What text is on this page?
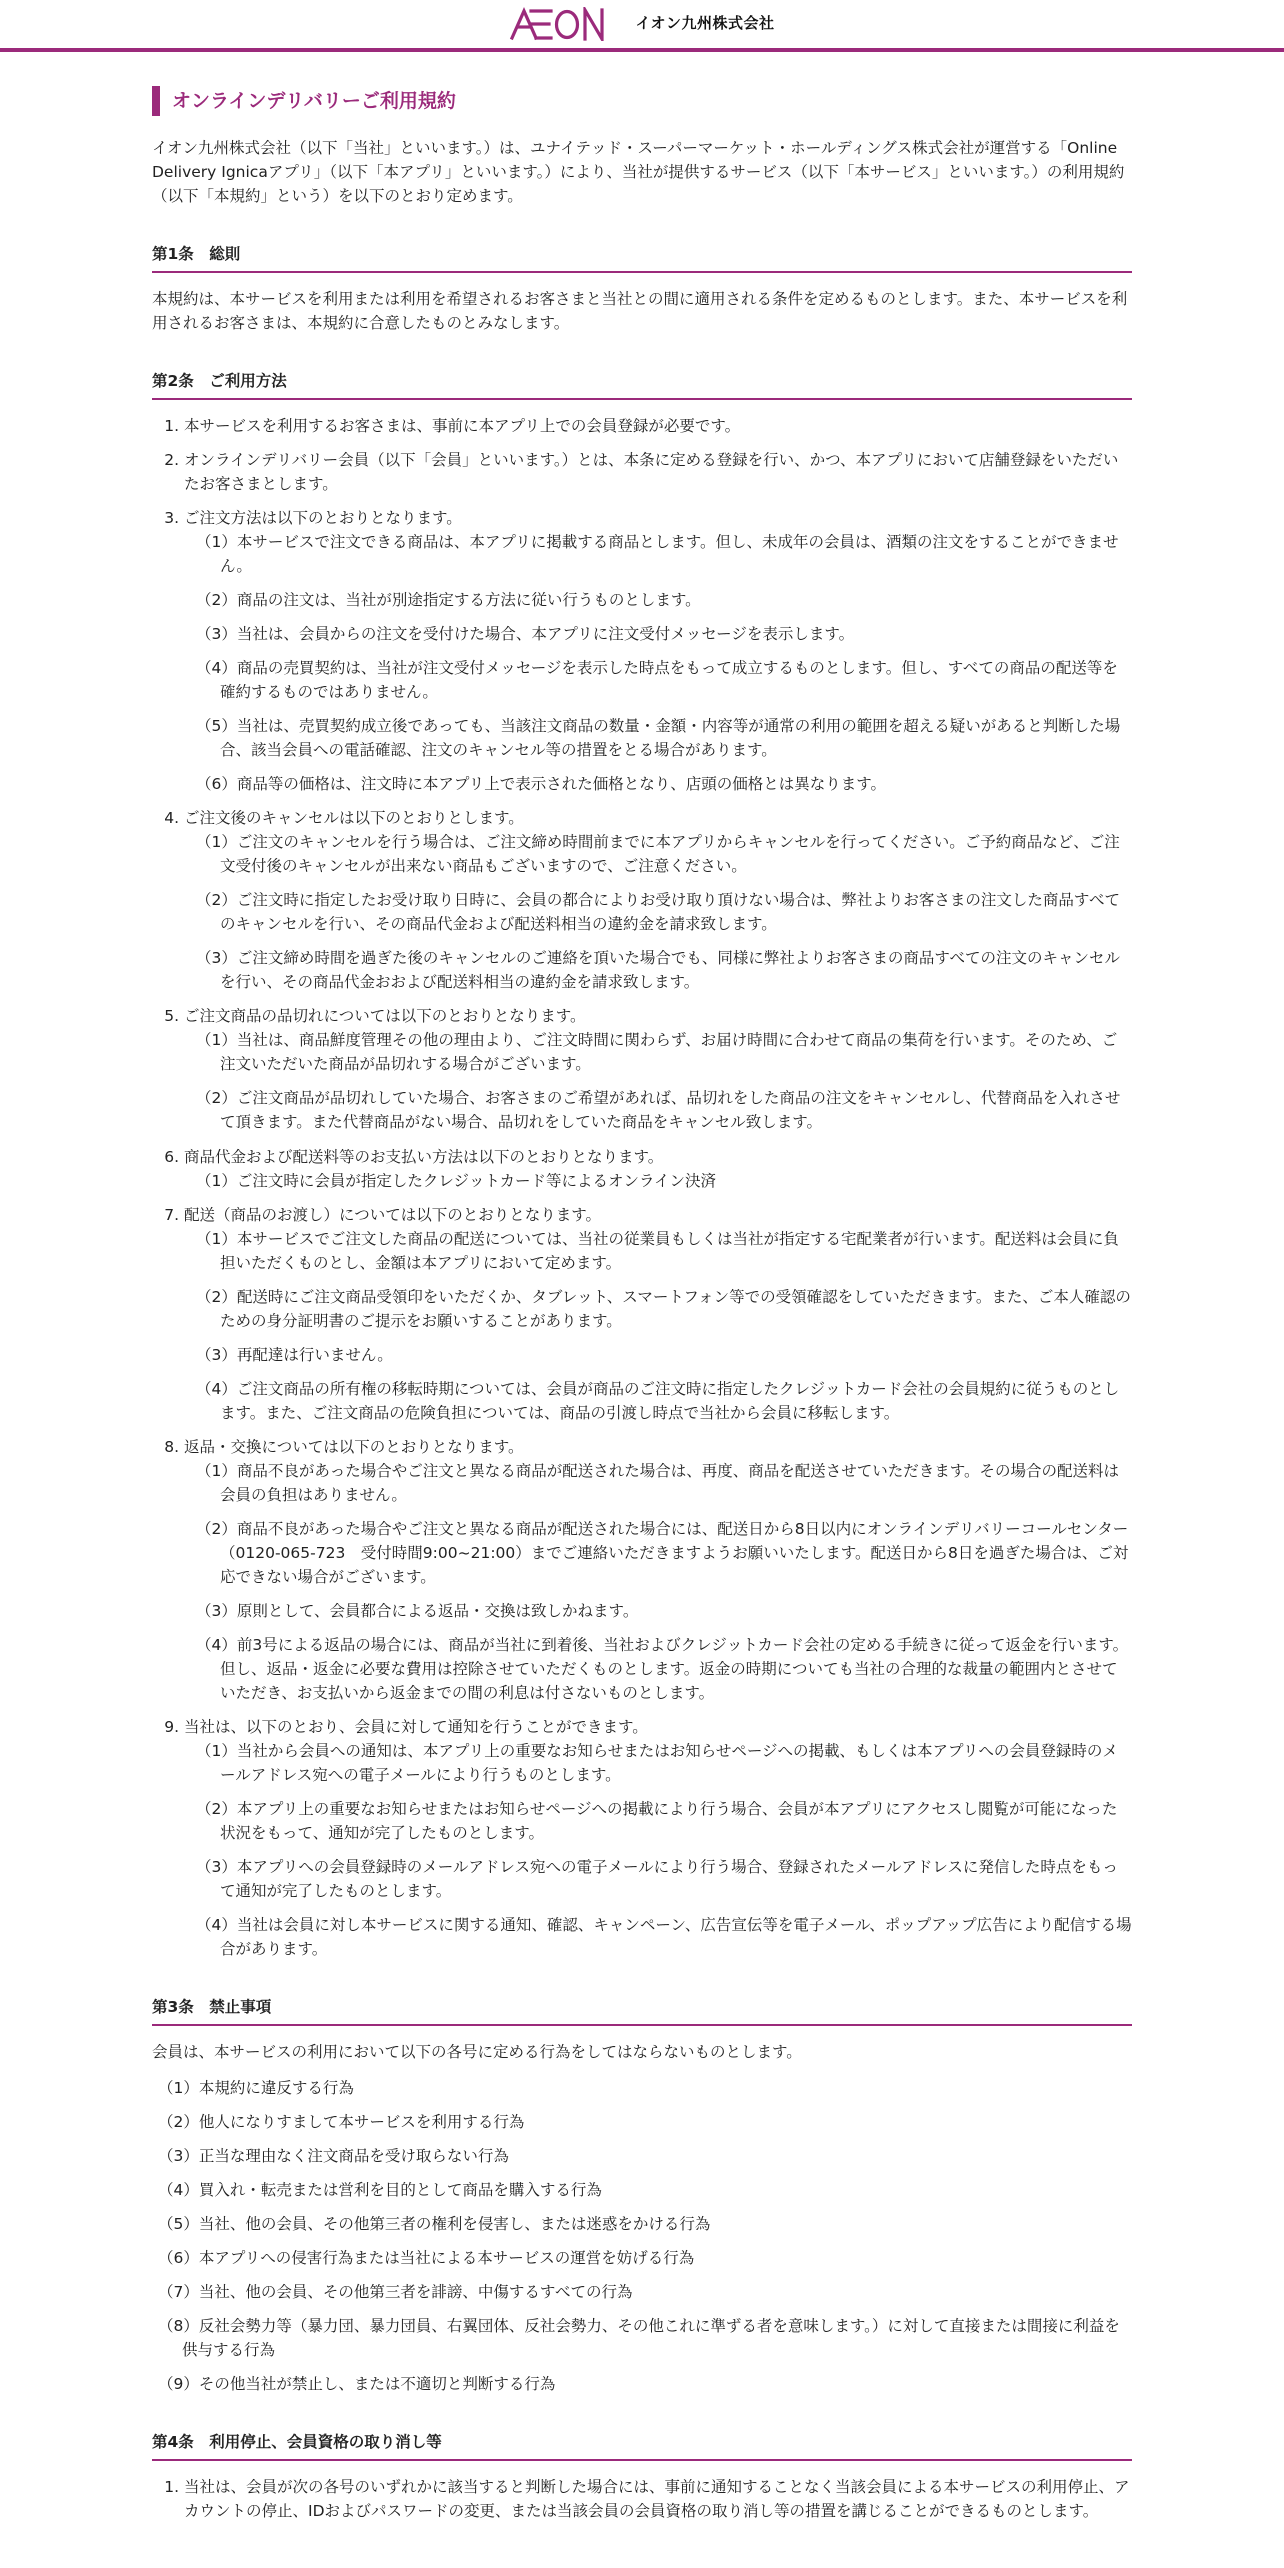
イオン九州株式会社
オンラインデリバリーご利用規約

イオン九州株式会社（以下「当社」といいます。）は、ユナイテッド・スーパーマーケット・ホールディングス株式会社が運営する「Online Delivery Ignicaアプリ」（以下「本アプリ」といいます。）により、当社が提供するサービス（以下「本サービス」といいます。）の利用規約（以下「本規約」という）を以下のとおり定めます。

第1条　総則

本規約は、本サービスを利用または利用を希望されるお客さまと当社との間に適用される条件を定めるものとします。また、本サービスを利用されるお客さまは、本規約に合意したものとみなします。

第2条　ご利用方法
1. 本サービスを利用するお客さまは、事前に本アプリ上での会員登録が必要です。
2. オンラインデリバリー会員（以下「会員」といいます。）とは、本条に定める登録を行い、かつ、本アプリにおいて店舗登録をいただいたお客さまとします。
3. ご注文方法は以下のとおりとなります。
（1）本サービスで注文できる商品は、本アプリに掲載する商品とします。但し、未成年の会員は、酒類の注文をすることができません。
（2）商品の注文は、当社が別途指定する方法に従い行うものとします。
（3）当社は、会員からの注文を受付けた場合、本アプリに注文受付メッセージを表示します。
（4）商品の売買契約は、当社が注文受付メッセージを表示した時点をもって成立するものとします。但し、すべての商品の配送等を確約するものではありません。
（5）当社は、売買契約成立後であっても、当該注文商品の数量・金額・内容等が通常の利用の範囲を超える疑いがあると判断した場合、該当会員への電話確認、注文のキャンセル等の措置をとる場合があります。
（6）商品等の価格は、注文時に本アプリ上で表示された価格となり、店頭の価格とは異なります。
4. ご注文後のキャンセルは以下のとおりとします。
（1）ご注文のキャンセルを行う場合は、ご注文締め時間前までに本アプリからキャンセルを行ってください。ご予約商品など、ご注文受付後のキャンセルが出来ない商品もございますので、ご注意ください。
（2）ご注文時に指定したお受け取り日時に、会員の都合によりお受け取り頂けない場合は、弊社よりお客さまの注文した商品すべてのキャンセルを行い、その商品代金および配送料相当の違約金を請求致します。
（3）ご注文締め時間を過ぎた後のキャンセルのご連絡を頂いた場合でも、同様に弊社よりお客さまの商品すべての注文のキャンセルを行い、その商品代金おおよび配送料相当の違約金を請求致します。
5. ご注文商品の品切れについては以下のとおりとなります。
（1）当社は、商品鮮度管理その他の理由より、ご注文時間に関わらず、お届け時間に合わせて商品の集荷を行います。そのため、ご注文いただいた商品が品切れする場合がございます。
（2）ご注文商品が品切れしていた場合、お客さまのご希望があれば、品切れをした商品の注文をキャンセルし、代替商品を入れさせて頂きます。また代替商品がない場合、品切れをしていた商品をキャンセル致します。
6. 商品代金および配送料等のお支払い方法は以下のとおりとなります。
（1）ご注文時に会員が指定したクレジットカード等によるオンライン決済
7. 配送（商品のお渡し）については以下のとおりとなります。
（1）本サービスでご注文した商品の配送については、当社の従業員もしくは当社が指定する宅配業者が行います。配送料は会員に負担いただくものとし、金額は本アプリにおいて定めます。
（2）配送時にご注文商品受領印をいただくか、タブレット、スマートフォン等での受領確認をしていただきます。また、ご本人確認のための身分証明書のご提示をお願いすることがあります。
（3）再配達は行いません。
（4）ご注文商品の所有権の移転時期については、会員が商品のご注文時に指定したクレジットカード会社の会員規約に従うものとします。また、ご注文商品の危険負担については、商品の引渡し時点で当社から会員に移転します。
8. 返品・交換については以下のとおりとなります。
（1）商品不良があった場合やご注文と異なる商品が配送された場合は、再度、商品を配送させていただきます。その場合の配送料は会員の負担はありません。
（2）商品不良があった場合やご注文と異なる商品が配送された場合には、配送日から8日以内にオンラインデリバリーコールセンター（0120-065-723　受付時間9:00~21:00）までご連絡いただきますようお願いいたします。配送日から8日を過ぎた場合は、ご対応できない場合がございます。
（3）原則として、会員都合による返品・交換は致しかねます。
（4）前3号による返品の場合には、商品が当社に到着後、当社およびクレジットカード会社の定める手続きに従って返金を行います。但し、返品・返金に必要な費用は控除させていただくものとします。返金の時期についても当社の合理的な裁量の範囲内とさせていただき、お支払いから返金までの間の利息は付さないものとします。
9. 当社は、以下のとおり、会員に対して通知を行うことができます。
（1）当社から会員への通知は、本アプリ上の重要なお知らせまたはお知らせページへの掲載、もしくは本アプリへの会員登録時のメールアドレス宛への電子メールにより行うものとします。
（2）本アプリ上の重要なお知らせまたはお知らせページへの掲載により行う場合、会員が本アプリにアクセスし閲覧が可能になった状況をもって、通知が完了したものとします。
（3）本アプリへの会員登録時のメールアドレス宛への電子メールにより行う場合、登録されたメールアドレスに発信した時点をもって通知が完了したものとします。
（4）当社は会員に対し本サービスに関する通知、確認、キャンペーン、広告宣伝等を電子メール、ポップアップ広告により配信する場合があります。
第3条　禁止事項

会員は、本サービスの利用において以下の各号に定める行為をしてはならないものとします。

（1）本規約に違反する行為
（2）他人になりすまして本サービスを利用する行為
（3）正当な理由なく注文商品を受け取らない行為
（4）買入れ・転売または営利を目的として商品を購入する行為
（5）当社、他の会員、その他第三者の権利を侵害し、または迷惑をかける行為
（6）本アプリへの侵害行為または当社による本サービスの運営を妨げる行為
（7）当社、他の会員、その他第三者を誹謗、中傷するすべての行為
（8）反社会勢力等（暴力団、暴力団員、右翼団体、反社会勢力、その他これに準ずる者を意味します。）に対して直接または間接に利益を供与する行為
（9）その他当社が禁止し、または不適切と判断する行為
第4条　利用停止、会員資格の取り消し等
1. 当社は、会員が次の各号のいずれかに該当すると判断した場合には、事前に通知することなく当該会員による本サービスの利用停止、アカウントの停止、IDおよびパスワードの変更、または当該会員の会員資格の取り消し等の措置を講じることができるものとします。
